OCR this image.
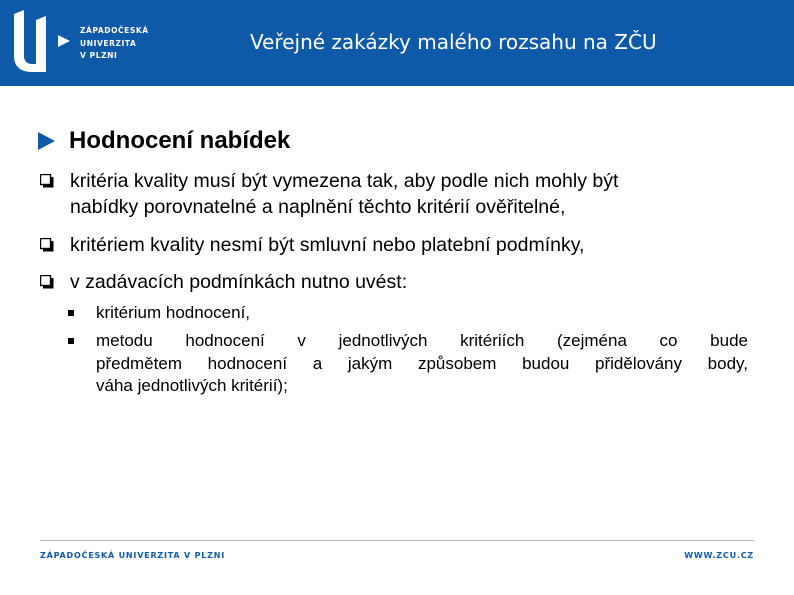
ZÁPADOČESKÁ
UNIVERZITA
V PLZNI
Veřejné zakázky malého rozsahu na ZČU
Hodnocení nabídek
kritéria kvality musí být vymezena tak, aby podle nich mohly být
nabídky porovnatelné a naplnění těchto kritérií ověřitelné,
kritériem kvality nesmí být smluvní nebo platební podmínky,
v zadávacích podmínkách nutno uvést:
kritérium hodnocení,
metodu hodnocení v jednotlivých kritériích (zejména co bude
předmětem hodnocení a jakým způsobem budou přidělovány body,
váha jednotlivých kritérií);
ZÁPADOČESKÁ UNIVERZITA V PLZNI	WWW.ZCU.CZ
